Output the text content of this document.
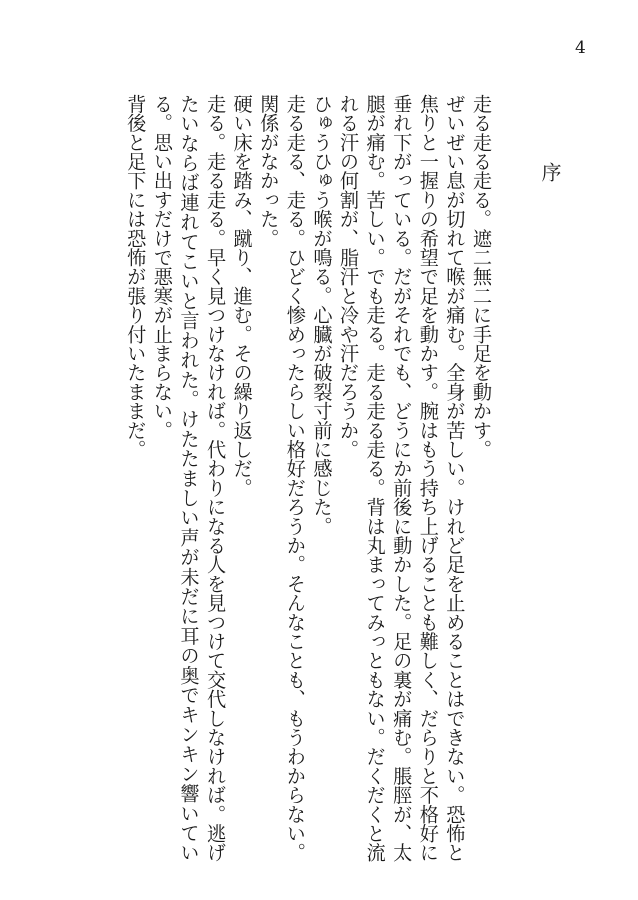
4
序

走る走る走る。遮二無二に手足を動かす。

ぜいぜい息が切れて喉が痛む。全身が苦しい。けれど足を止めることはできない。恐怖と焦りと一握りの希望で足を動かす。腕はもう持ち上げることも難しく、だらりと不格好に垂れ下がっている。だがそれでも、どうにか前後に動かした。足の裏が痛む。脹脛が、太腿が痛む。苦しい。でも走る。走る走る走る。背は丸まってみっともない。だくだくと流れる汗の何割が、脂汗と冷や汗だろうか。

ひゅうひゅう喉が鳴る。心臓が破裂寸前に感じた。

走る走る、走る。ひどく惨めったらしい格好だろうか。そんなことも、もうわからない。関係がなかった。

硬い床を踏み、蹴り、進む。その繰り返しだ。

走る。走る走る。早く見つけなければ。代わりになる人を見つけて交代しなければ。逃げたいならば連れてこいと言われた。けたたましい声が未だに耳の奥でキンキン響いている。思い出すだけで悪寒が止まらない。

背後と足下には恐怖が張り付いたままだ。
